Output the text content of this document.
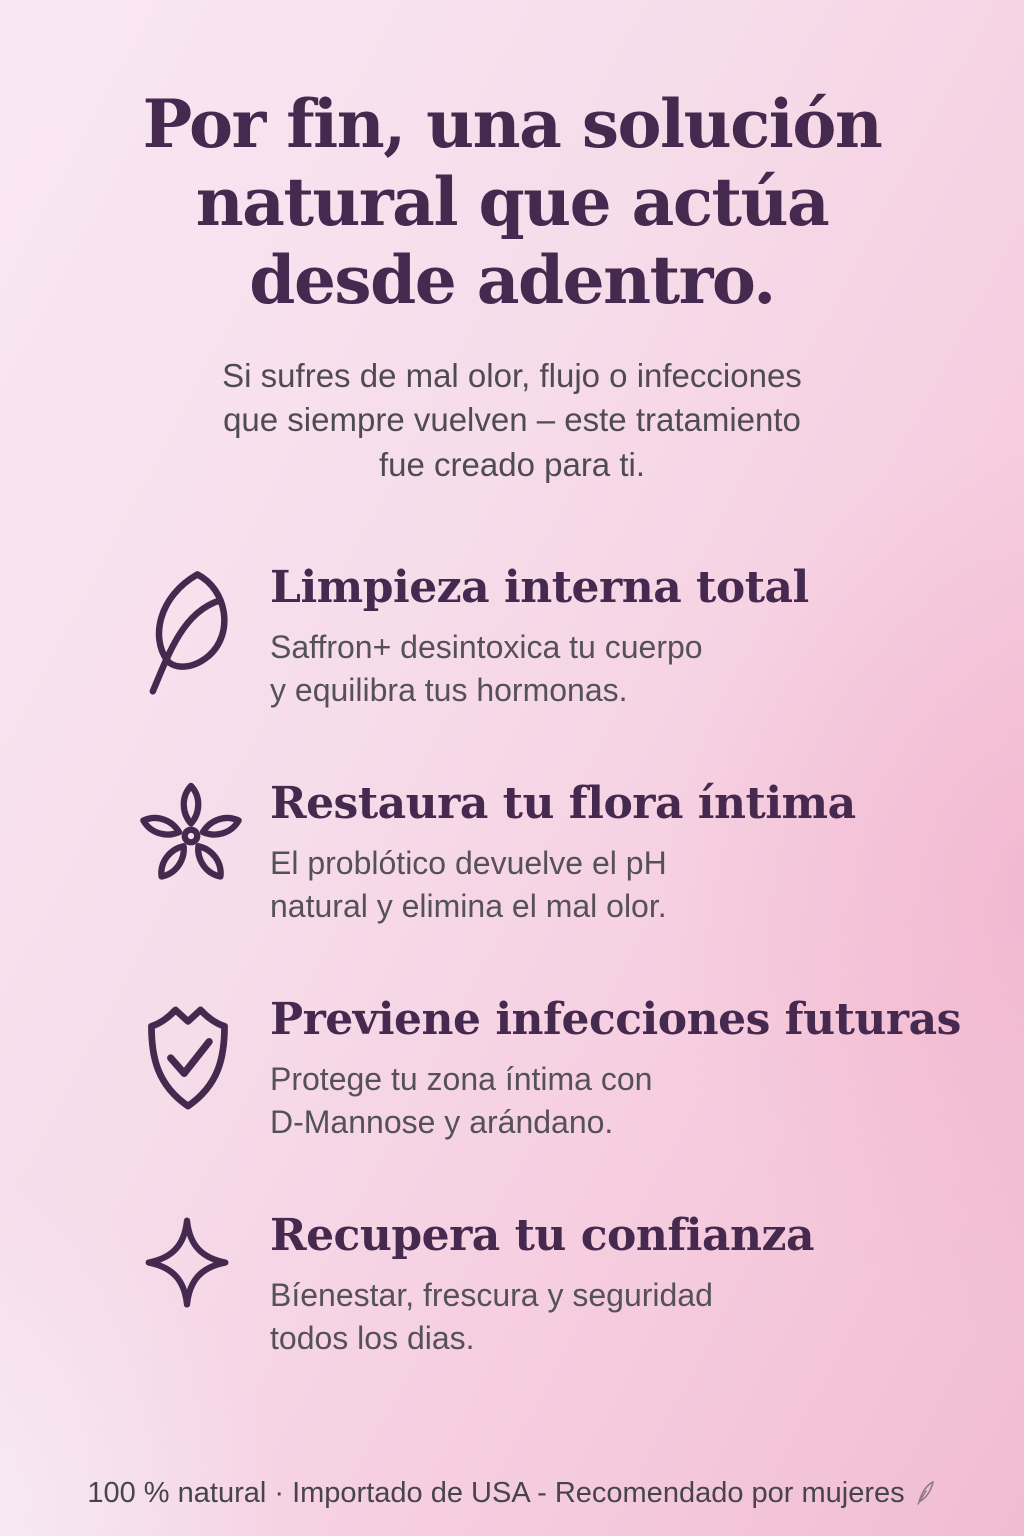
Por fin, una solución
natural que actúa
desde adentro.

Si sufres de mal olor, flujo o infecciones
que siempre vuelven – este tratamiento
fue creado para ti.

Limpieza interna total
Saffron+ desintoxica tu cuerpo
y equilibra tus hormonas.
Restaura tu flora íntima
El problótico devuelve el pH
natural y elimina el mal olor.
Previene infecciones futuras
Protege tu zona íntima con
D-Mannose y arándano.
Recupera tu confianza
Bíenestar, frescura y seguridad
todos los dias.
100 % natural · Importado de USA - Recomendado por mujeres
